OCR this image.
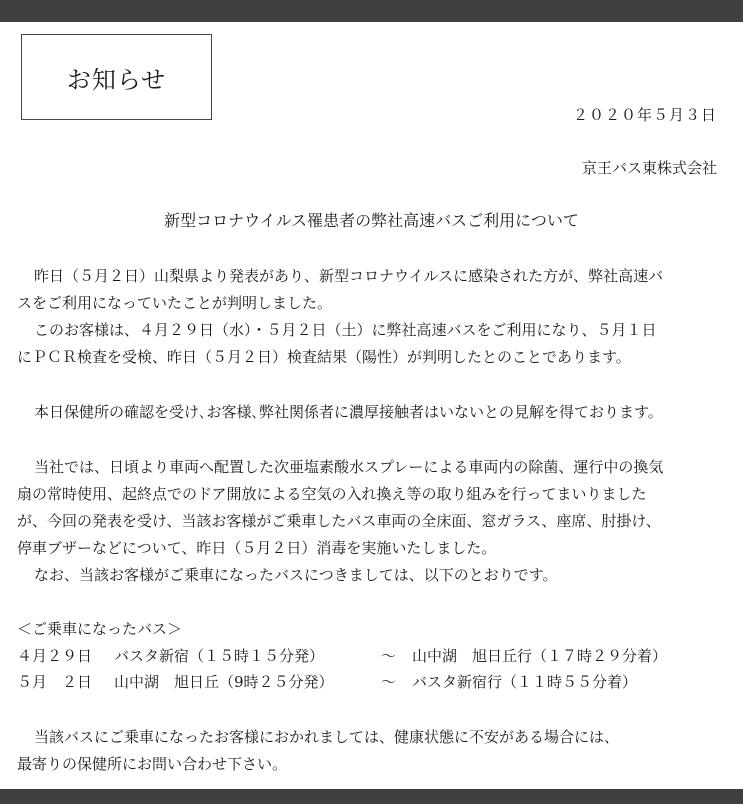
お知らせ
２０２０年５月３日
京王バス東株式会社
新型コロナウイルス罹患者の弊社高速バスご利用について
昨日（５月２日）山梨県より発表があり、新型コロナウイルスに感染された方が、弊社高速バ
スをご利用になっていたことが判明しました。
このお客様は、４月２９日（水）・５月２日（土）に弊社高速バスをご利用になり、５月１日
にＰＣＲ検査を受検、昨日（５月２日）検査結果（陽性）が判明したとのことであります。
本日保健所の確認を受け､お客様､弊社関係者に濃厚接触者はいないとの見解を得ております。
当社では、日頃より車両へ配置した次亜塩素酸水スプレーによる車両内の除菌、運行中の換気
扇の常時使用、起終点でのドア開放による空気の入れ換え等の取り組みを行ってまいりました
が、今回の発表を受け、当該お客様がご乗車したバス車両の全床面、窓ガラス、座席、肘掛け、
停車ブザーなどについて、昨日（５月２日）消毒を実施いたしました。
なお、当該お客様がご乗車になったバスにつきましては、以下のとおりです。
＜ご乗車になったバス＞
４月２９日 バスタ新宿（１５時１５分発）	～ 山中湖　旭日丘行（１７時２９分着）
５月　２日 山中湖　旭日丘（9時２５分発）	～ バスタ新宿行（１１時５５分着）
当該バスにご乗車になったお客様におかれましては、健康状態に不安がある場合には、
最寄りの保健所にお問い合わせ下さい。
